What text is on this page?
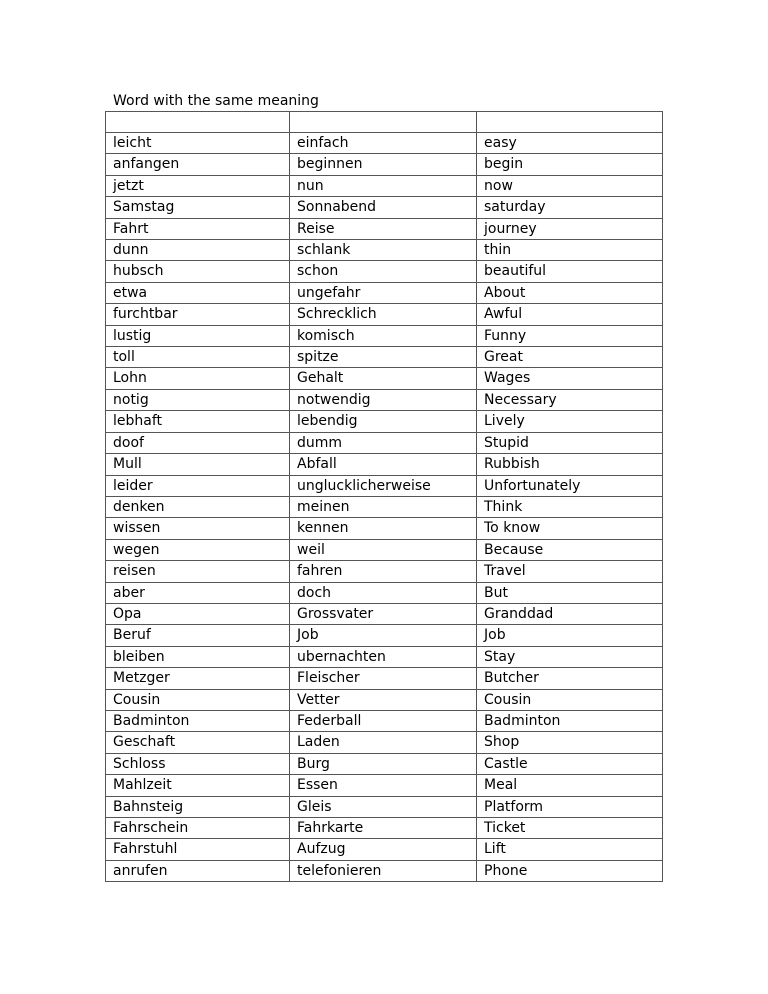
Word with the same meaning

leicht	einfach	easy
anfangen	beginnen	begin
jetzt	nun	now
Samstag	Sonnabend	saturday
Fahrt	Reise	journey
dunn	schlank	thin
hubsch	schon	beautiful
etwa	ungefahr	About
furchtbar	Schrecklich	Awful
lustig	komisch	Funny
toll	spitze	Great
Lohn	Gehalt	Wages
notig	notwendig	Necessary
lebhaft	lebendig	Lively
doof	dumm	Stupid
Mull	Abfall	Rubbish
leider	unglucklicherweise	Unfortunately
denken	meinen	Think
wissen	kennen	To know
wegen	weil	Because
reisen	fahren	Travel
aber	doch	But
Opa	Grossvater	Granddad
Beruf	Job	Job
bleiben	ubernachten	Stay
Metzger	Fleischer	Butcher
Cousin	Vetter	Cousin
Badminton	Federball	Badminton
Geschaft	Laden	Shop
Schloss	Burg	Castle
Mahlzeit	Essen	Meal
Bahnsteig	Gleis	Platform
Fahrschein	Fahrkarte	Ticket
Fahrstuhl	Aufzug	Lift
anrufen	telefonieren	Phone
